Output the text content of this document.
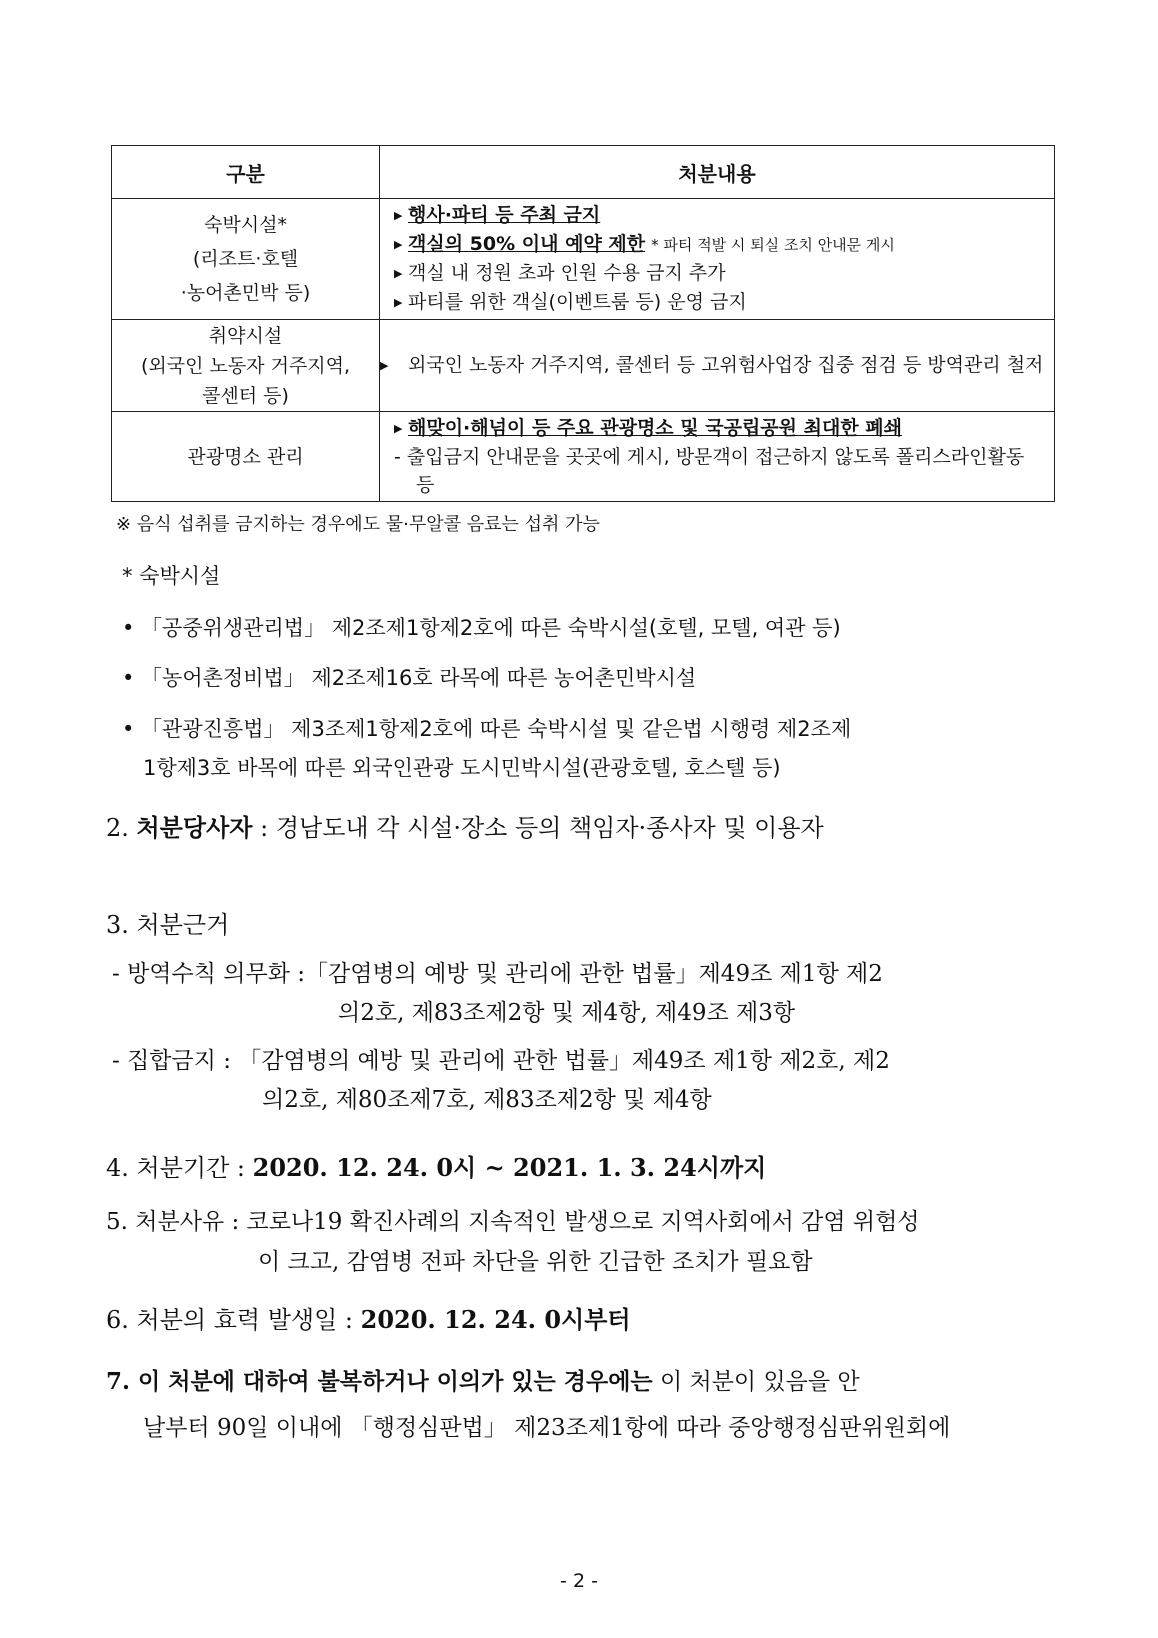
구분	처분내용

숙박시설*
(리조트·호텔
·농어촌민박 등)	▶ 행사·파티 등 주최 금지
▶ 객실의 50% 이내 예약 제한 * 파티 적발 시 퇴실 조치 안내문 게시
▶ 객실 내 정원 초과 인원 수용 금지 추가
▶ 파티를 위한 객실(이벤트룸 등) 운영 금지

취약시설
(외국인 노동자 거주지역,
콜센터 등)	▶ 외국인 노동자 거주지역, 콜센터 등 고위험사업장 집중 점검 등 방역관리 철저

관광명소 관리	▶ 해맞이·해넘이 등 주요 관광명소 및 국공립공원 최대한 폐쇄
- 출입금지 안내문을 곳곳에 게시, 방문객이 접근하지 않도록 폴리스라인활동 등
※ 음식 섭취를 금지하는 경우에도 물·무알콜 음료는 섭취 가능
* 숙박시설
• 「공중위생관리법」 제2조제1항제2호에 따른 숙박시설(호텔, 모텔, 여관 등)
• 「농어촌정비법」 제2조제16호 라목에 따른 농어촌민박시설
• 「관광진흥법」 제3조제1항제2호에 따른 숙박시설 및 같은법 시행령 제2조제
1항제3호 바목에 따른 외국인관광 도시민박시설(관광호텔, 호스텔 등)
2. 처분당사자 : 경남도내 각 시설·장소 등의 책임자·종사자 및 이용자
3. 처분근거
- 방역수칙 의무화 :「감염병의 예방 및 관리에 관한 법률」제49조 제1항 제2
의2호, 제83조제2항 및 제4항, 제49조 제3항
- 집합금지 : 「감염병의 예방 및 관리에 관한 법률」제49조 제1항 제2호, 제2
의2호, 제80조제7호, 제83조제2항 및 제4항
4. 처분기간 : 2020. 12. 24. 0시 ~ 2021. 1. 3. 24시까지
5. 처분사유 : 코로나19 확진사례의 지속적인 발생으로 지역사회에서 감염 위험성
이 크고, 감염병 전파 차단을 위한 긴급한 조치가 필요함
6. 처분의 효력 발생일 : 2020. 12. 24. 0시부터
7. 이 처분에 대하여 불복하거나 이의가 있는 경우에는 이 처분이 있음을 안
날부터 90일 이내에 「행정심판법」 제23조제1항에 따라 중앙행정심판위원회에
- 2 -
